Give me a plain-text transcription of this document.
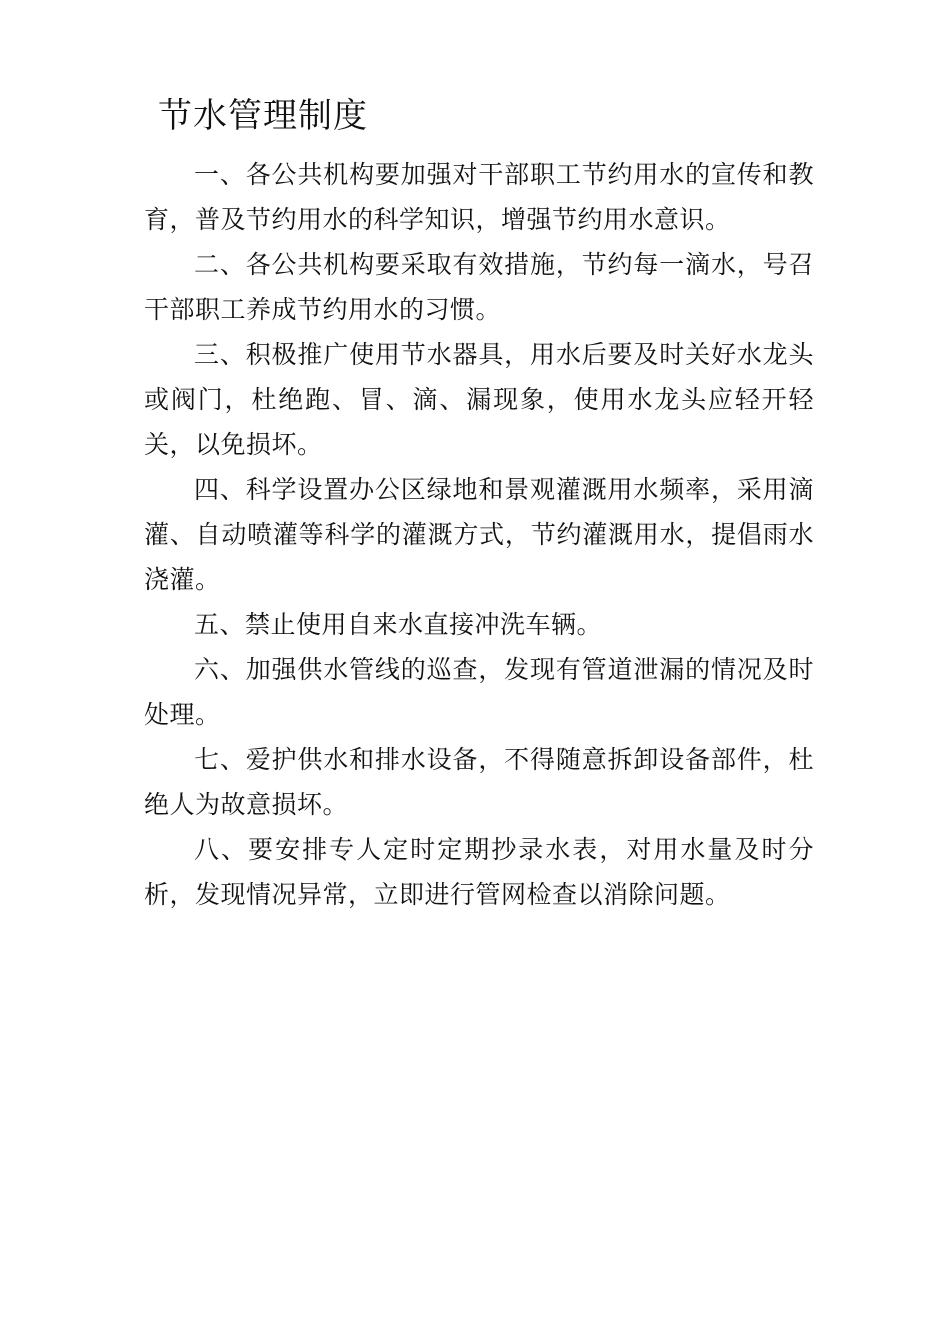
节水管理制度

一、各公共机构要加强对干部职工节约用水的宣传和教育，普及节约用水的科学知识，增强节约用水意识。

二、各公共机构要采取有效措施，节约每一滴水，号召干部职工养成节约用水的习惯。

三、积极推广使用节水器具，用水后要及时关好水龙头或阀门，杜绝跑、冒、滴、漏现象，使用水龙头应轻开轻关，以免损坏。

四、科学设置办公区绿地和景观灌溉用水频率，采用滴灌、自动喷灌等科学的灌溉方式，节约灌溉用水，提倡雨水浇灌。

五、禁止使用自来水直接冲洗车辆。

六、加强供水管线的巡查，发现有管道泄漏的情况及时处理。

七、爱护供水和排水设备，不得随意拆卸设备部件，杜绝人为故意损坏。

八、要安排专人定时定期抄录水表，对用水量及时分析，发现情况异常，立即进行管网检查以消除问题。
